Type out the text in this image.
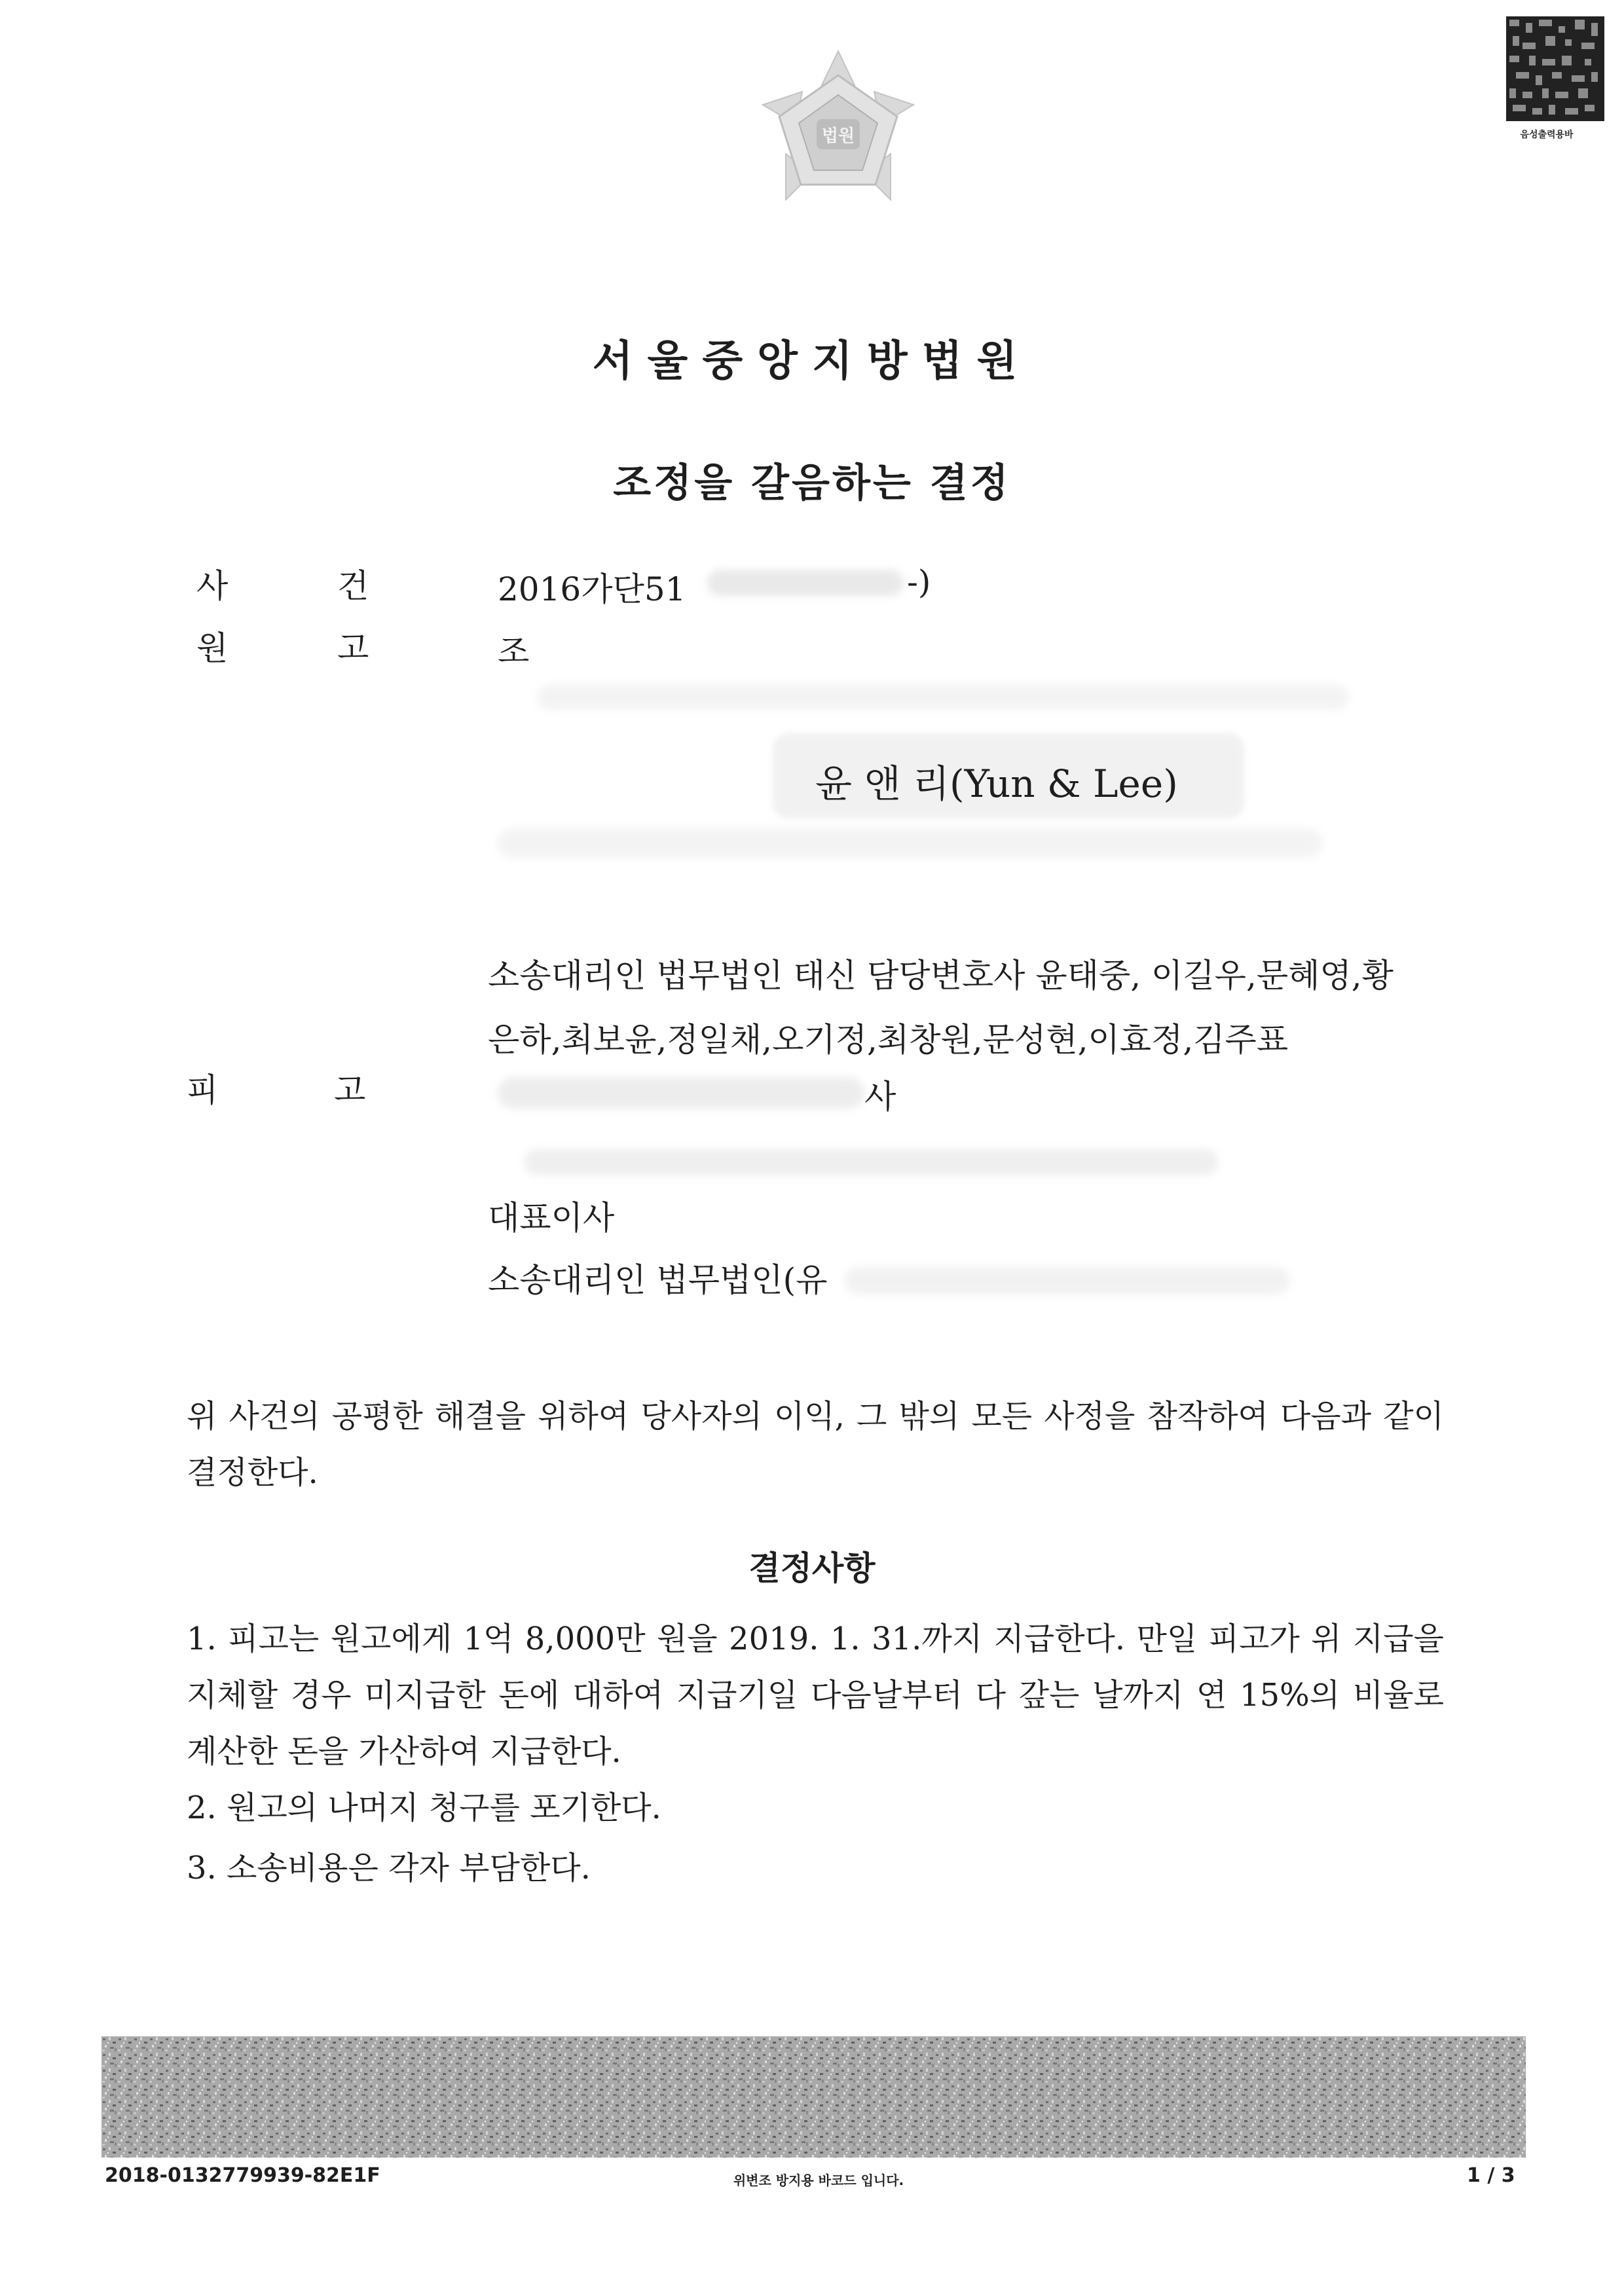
법원	음성출력용바
서울중앙지방법원
조정을 갈음하는 결정
사	건	2016가단51	-)
원	고	조
윤 앤 리(Yun & Lee)
소송대리인 법무법인 태신 담당변호사 윤태중, 이길우,문혜영,황
은하,최보윤,정일채,오기정,최창원,문성현,이효정,김주표
피	고	사
대표이사
소송대리인 법무법인(유
위 사건의 공평한 해결을 위하여 당사자의 이익, 그 밖의 모든 사정을 참작하여 다음과 같이 결정한다.
결정사항
1. 피고는 원고에게 1억 8,000만 원을 2019. 1. 31.까지 지급한다. 만일 피고가 위 지급을 지체할 경우 미지급한 돈에 대하여 지급기일 다음날부터 다 갚는 날까지 연 15%의 비율로 계산한 돈을 가산하여 지급한다.
2. 원고의 나머지 청구를 포기한다.
3. 소송비용은 각자 부담한다.
2018-0132779939-82E1F	위변조 방지용 바코드 입니다.	1 / 3
